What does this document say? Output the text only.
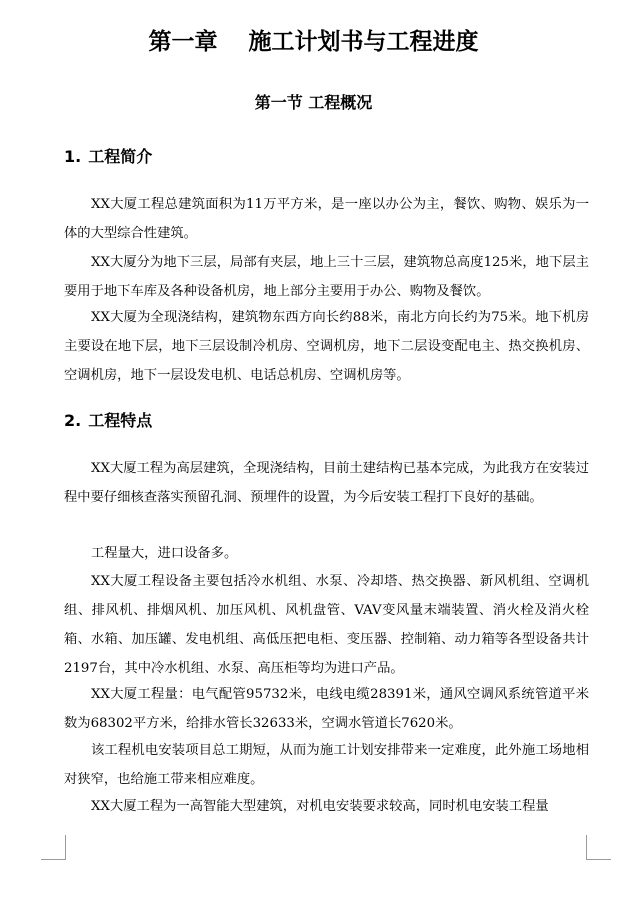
第一章　 施工计划书与工程进度
第一节 工程概况
1. 工程简介

XX大厦工程总建筑面积为11万平方米，是一座以办公为主，餐饮、购物、娱乐为一体的大型综合性建筑。

XX大厦分为地下三层，局部有夹层，地上三十三层，建筑物总高度125米，地下层主要用于地下车库及各种设备机房，地上部分主要用于办公、购物及餐饮。

XX大厦为全现浇结构，建筑物东西方向长约88米，南北方向长约为75米。地下机房主要设在地下层，地下三层设制冷机房、空调机房，地下二层设变配电主、热交换机房、空调机房，地下一层设发电机、电话总机房、空调机房等。

2. 工程特点

XX大厦工程为高层建筑，全现浇结构，目前土建结构已基本完成，为此我方在安装过程中要仔细核查落实预留孔洞、预埋件的设置，为今后安装工程打下良好的基础。

工程量大，进口设备多。

XX大厦工程设备主要包括冷水机组、水泵、冷却塔、热交换器、新风机组、空调机组、排风机、排烟风机、加压风机、风机盘管、VAV变风量末端装置、消火栓及消火栓箱、水箱、加压罐、发电机组、高低压把电柜、变压器、控制箱、动力箱等各型设备共计2197台，其中冷水机组、水泵、高压柜等均为进口产品。

XX大厦工程量：电气配管95732米，电线电缆28391米，通风空调风系统管道平米数为68302平方米，给排水管长32633米，空调水管道长7620米。

该工程机电安装项目总工期短，从而为施工计划安排带来一定难度，此外施工场地相对狭窄，也给施工带来相应难度。

XX大厦工程为一高智能大型建筑，对机电安装要求较高，同时机电安装工程量
